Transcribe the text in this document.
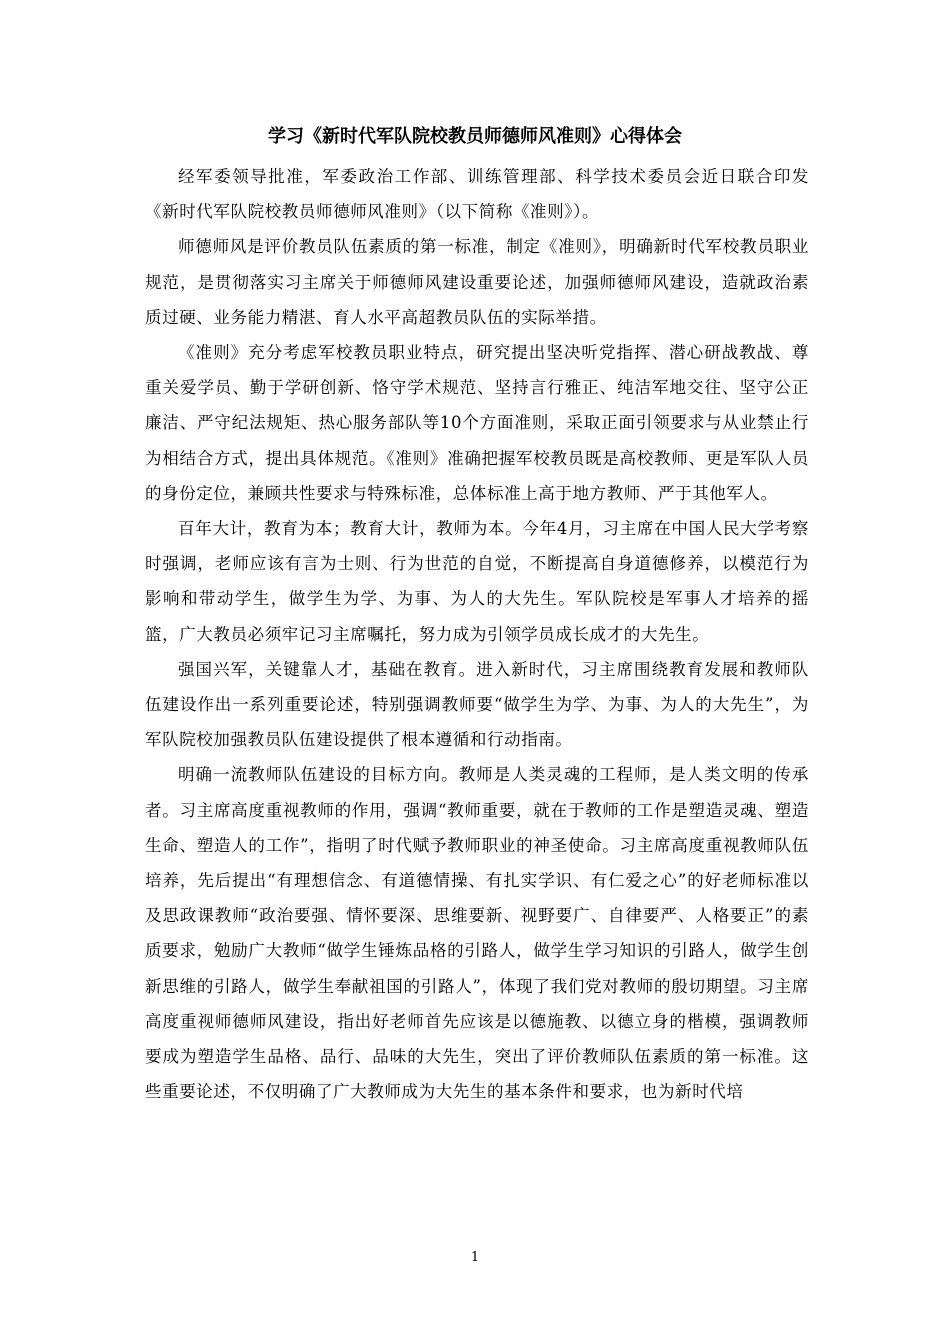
学习《新时代军队院校教员师德师风准则》心得体会

经军委领导批准，军委政治工作部、训练管理部、科学技术委员会近日联合印发《新时代军队院校教员师德师风准则》（以下简称《准则》）。

师德师风是评价教员队伍素质的第一标准，制定《准则》，明确新时代军校教员职业规范，是贯彻落实习主席关于师德师风建设重要论述，加强师德师风建设，造就政治素质过硬、业务能力精湛、育人水平高超教员队伍的实际举措。

《准则》充分考虑军校教员职业特点，研究提出坚决听党指挥、潜心研战教战、尊重关爱学员、勤于学研创新、恪守学术规范、坚持言行雅正、纯洁军地交往、坚守公正廉洁、严守纪法规矩、热心服务部队等10个方面准则，采取正面引领要求与从业禁止行为相结合方式，提出具体规范。《准则》准确把握军校教员既是高校教师、更是军队人员的身份定位，兼顾共性要求与特殊标准，总体标准上高于地方教师、严于其他军人。

百年大计，教育为本；教育大计，教师为本。今年4月，习主席在中国人民大学考察时强调，老师应该有言为士则、行为世范的自觉，不断提高自身道德修养，以模范行为影响和带动学生，做学生为学、为事、为人的大先生。军队院校是军事人才培养的摇篮，广大教员必须牢记习主席嘱托，努力成为引领学员成长成才的大先生。

强国兴军，关键靠人才，基础在教育。进入新时代，习主席围绕教育发展和教师队伍建设作出一系列重要论述，特别强调教师要“做学生为学、为事、为人的大先生”，为军队院校加强教员队伍建设提供了根本遵循和行动指南。

明确一流教师队伍建设的目标方向。教师是人类灵魂的工程师，是人类文明的传承者。习主席高度重视教师的作用，强调“教师重要，就在于教师的工作是塑造灵魂、塑造生命、塑造人的工作”，指明了时代赋予教师职业的神圣使命。习主席高度重视教师队伍培养，先后提出“有理想信念、有道德情操、有扎实学识、有仁爱之心”的好老师标准以及思政课教师“政治要强、情怀要深、思维要新、视野要广、自律要严、人格要正”的素质要求，勉励广大教师“做学生锤炼品格的引路人，做学生学习知识的引路人，做学生创新思维的引路人，做学生奉献祖国的引路人”，体现了我们党对教师的殷切期望。习主席高度重视师德师风建设，指出好老师首先应该是以德施教、以德立身的楷模，强调教师要成为塑造学生品格、品行、品味的大先生，突出了评价教师队伍素质的第一标准。这些重要论述，不仅明确了广大教师成为大先生的基本条件和要求，也为新时代培

1
